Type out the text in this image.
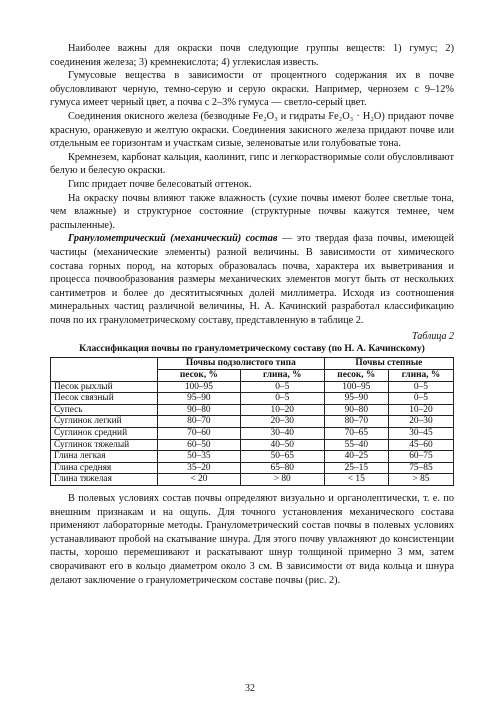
Наиболее важны для окраски почв следующие группы веществ: 1) гумус; 2) соединения железа; 3) кремнекислота; 4) углекислая известь.

Гумусовые вещества в зависимости от процентного содержания их в почве обусловливают черную, темно-серую и серую окраски. Например, чернозем с 9–12% гумуса имеет черный цвет, а почва с 2–3% гумуса — светло-серый цвет.

Соединения окисного железа (безводные Fe₂O₃ и гидраты Fe₂O₃ · H₂O) придают почве красную, оранжевую и желтую окраски. Соединения закисного железа придают почве или отдельным ее горизонтам и участкам сизые, зеленоватые или голубоватые тона.

Кремнезем, карбонат кальция, каолинит, гипс и легкорастворимые соли обусловливают белую и белесую окраски.

Гипс придает почве белесоватый оттенок.

На окраску почвы влияют также влажность (сухие почвы имеют более светлые тона, чем влажные) и структурное состояние (структурные почвы кажутся темнее, чем распыленные).

Гранулометрический (механический) состав — это твердая фаза почвы, имеющей частицы (механические элементы) разной величины. В зависимости от химического состава горных пород, на которых образовалась почва, характера их выветривания и процесса почвообразования размеры механических элементов могут быть от нескольких сантиметров и более до десятитысячных долей миллиметра. Исходя из соотношения минеральных частиц различной величины, Н. А. Качинский разработал классификацию почв по их гранулометрическому составу, представленную в таблице 2.

Таблица 2
Классификация почвы по гранулометрическому составу (по Н. А. Качинскому)
	Почвы подзолистого типа		Почвы степные	
	песок, %	глина, %	песок, %	глина, %
Песок рыхлый	100–95	0–5	100–95	0–5
Песок связный	95–90	0–5	95–90	0–5
Супесь	90–80	10–20	90–80	10–20
Суглинок легкий	80–70	20–30	80–70	20–30
Суглинок средний	70–60	30–40	70–65	30–45
Суглинок тяжелый	60–50	40–50	55–40	45–60
Глина легкая	50–35	50–65	40–25	60–75
Глина средняя	35–20	65–80	25–15	75–85
Глина тяжелая	< 20	> 80	< 15	> 85

В полевых условиях состав почвы определяют визуально и органолептически, т. е. по внешним признакам и на ощупь. Для точного установления механического состава применяют лабораторные методы. Гранулометрический состав почвы в полевых условиях устанавливают пробой на скатывание шнура. Для этого почву увлажняют до консистенции пасты, хорошо перемешивают и раскатывают шнур толщиной примерно 3 мм, затем сворачивают его в кольцо диаметром около 3 см. В зависимости от вида кольца и шнура делают заключение о гранулометрическом составе почвы (рис. 2).

32
